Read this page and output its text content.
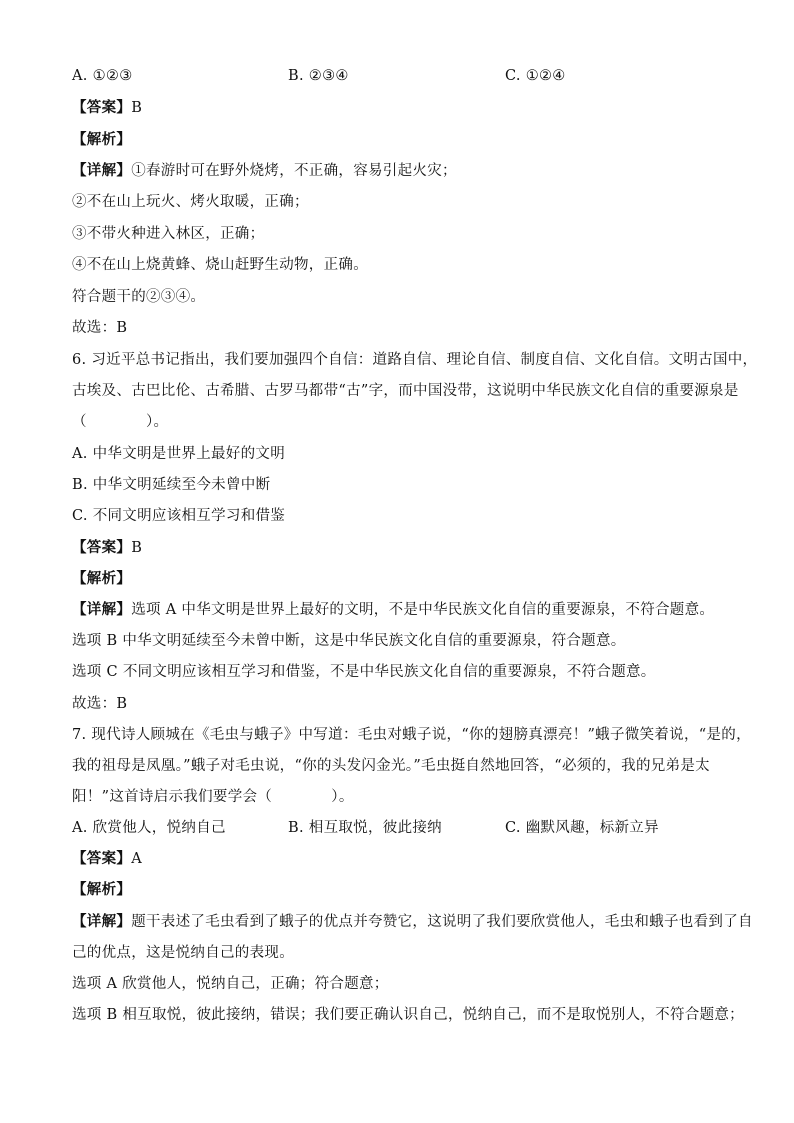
A. ①②③	B. ②③④	C. ①②④
【答案】B
【解析】
【详解】①春游时可在野外烧烤，不正确，容易引起火灾；
②不在山上玩火、烤火取暖，正确；
③不带火种进入林区，正确；
④不在山上烧黄蜂、烧山赶野生动物，正确。
符合题干的②③④。
故选：B
6. 习近平总书记指出，我们要加强四个自信：道路自信、理论自信、制度自信、文化自信。文明古国中，
古埃及、古巴比伦、古希腊、古罗马都带“古”字，而中国没带，这说明中华民族文化自信的重要源泉是
（　　　　）。
A. 中华文明是世界上最好的文明
B. 中华文明延续至今未曾中断
C. 不同文明应该相互学习和借鉴
【答案】B
【解析】
【详解】选项 A 中华文明是世界上最好的文明，不是中华民族文化自信的重要源泉，不符合题意。
选项 B 中华文明延续至今未曾中断，这是中华民族文化自信的重要源泉，符合题意。
选项 C 不同文明应该相互学习和借鉴，不是中华民族文化自信的重要源泉，不符合题意。
故选：B
7. 现代诗人顾城在《毛虫与蛾子》中写道：毛虫对蛾子说，“你的翅膀真漂亮！”蛾子微笑着说，“是的，
我的祖母是凤凰。”蛾子对毛虫说，“你的头发闪金光。”毛虫挺自然地回答，“必须的，我的兄弟是太
阳！”这首诗启示我们要学会（　　　　）。
A. 欣赏他人，悦纳自己	B. 相互取悦，彼此接纳	C. 幽默风趣，标新立异
【答案】A
【解析】
【详解】题干表述了毛虫看到了蛾子的优点并夸赞它，这说明了我们要欣赏他人，毛虫和蛾子也看到了自
己的优点，这是悦纳自己的表现。
选项 A 欣赏他人，悦纳自己，正确；符合题意；
选项 B 相互取悦，彼此接纳，错误；我们要正确认识自己，悦纳自己，而不是取悦别人，不符合题意；
